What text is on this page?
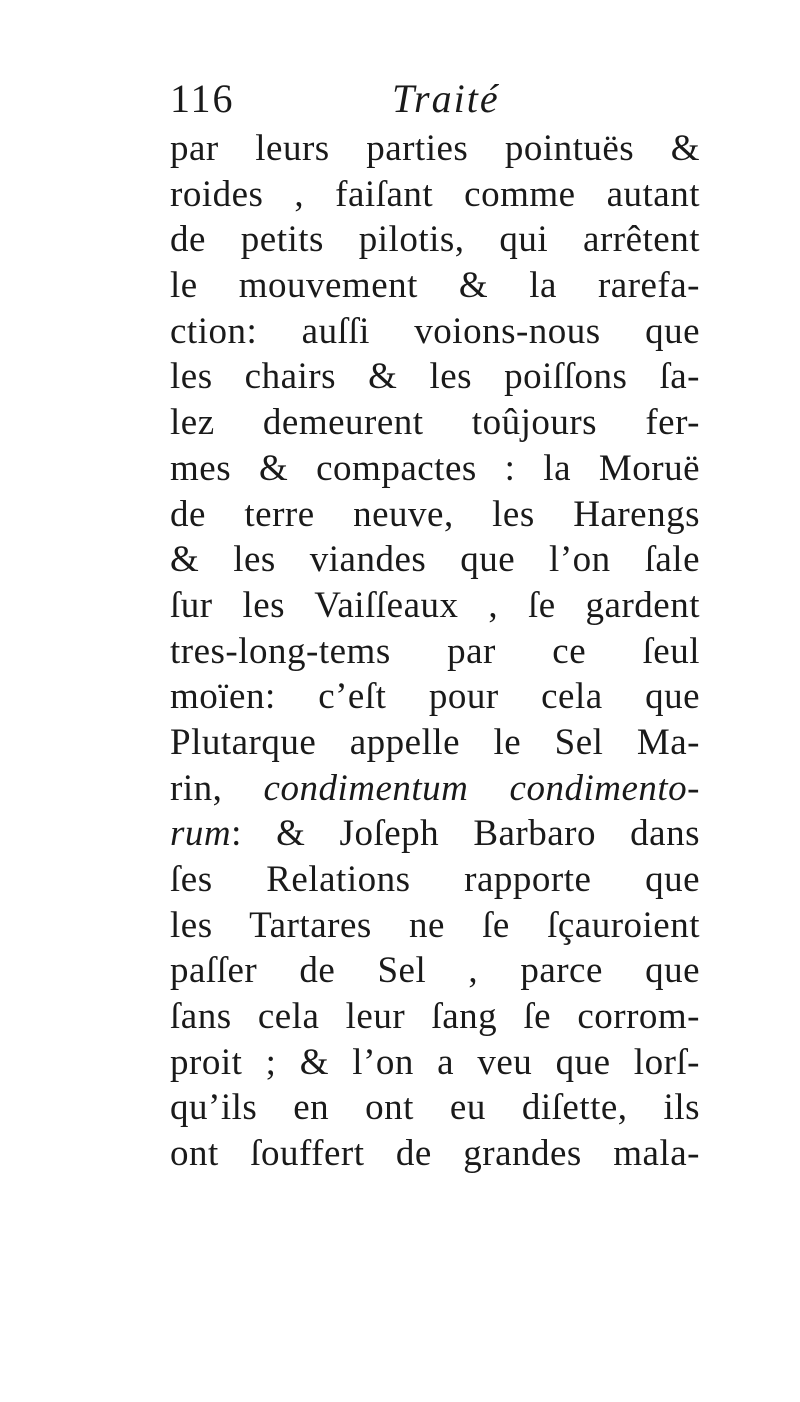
116	Traité
par leurs parties pointuës &
roides , faiſant comme autant
de petits pilotis, qui arrêtent
le mouvement & la rarefa-
ction: auſſi voions-nous que
les chairs & les poiſſons ſa-
lez demeurent toûjours fer-
mes & compactes : la Moruë
de terre neuve, les Harengs
& les viandes que l’on ſale
ſur les Vaiſſeaux , ſe gardent
tres-long-tems par ce ſeul
moïen: c’eſt pour cela que
Plutarque appelle le Sel Ma-
rin, condimentum condimento-
rum: & Joſeph Barbaro dans
ſes Relations rapporte que
les Tartares ne ſe ſçauroient
paſſer de Sel , parce que
ſans cela leur ſang ſe corrom-
proit ; & l’on a veu que lorſ-
qu’ils en ont eu diſette, ils
ont ſouffert de grandes mala-
